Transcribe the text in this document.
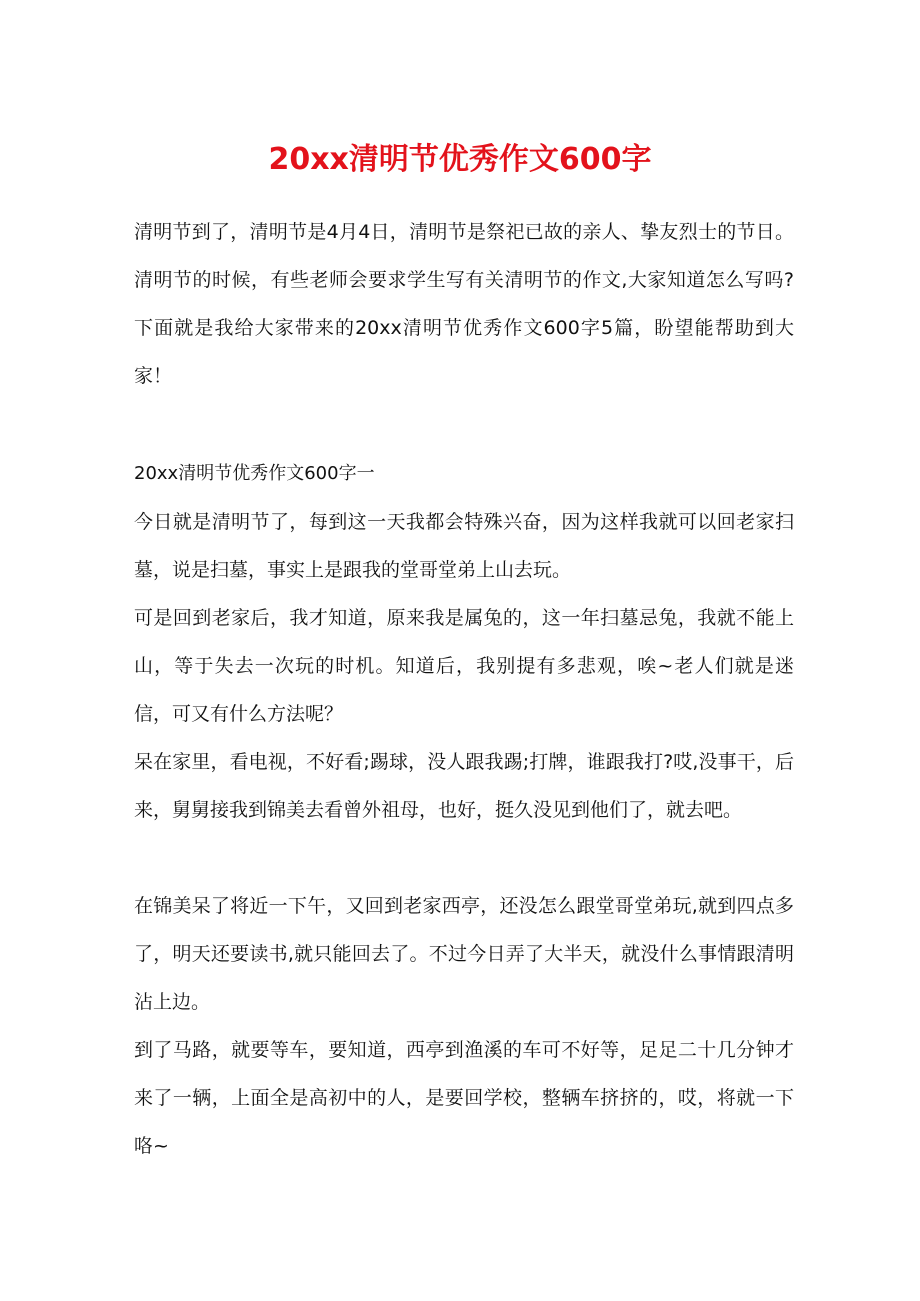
20xx清明节优秀作文600字
清明节到了，清明节是4月4日，清明节是祭祀已故的亲人、挚友烈士的节日。清明节的时候，有些老师会要求学生写有关清明节的作文,大家知道怎么写吗?下面就是我给大家带来的20xx清明节优秀作文600字5篇，盼望能帮助到大家！
20xx清明节优秀作文600字一
今日就是清明节了，每到这一天我都会特殊兴奋，因为这样我就可以回老家扫墓，说是扫墓，事实上是跟我的堂哥堂弟上山去玩。
可是回到老家后，我才知道，原来我是属兔的，这一年扫墓忌兔，我就不能上山，等于失去一次玩的时机。知道后，我别提有多悲观，唉~老人们就是迷信，可又有什么方法呢？
呆在家里，看电视，不好看;踢球，没人跟我踢;打牌，谁跟我打?哎,没事干，后来，舅舅接我到锦美去看曾外祖母，也好，挺久没见到他们了，就去吧。
在锦美呆了将近一下午，又回到老家西亭，还没怎么跟堂哥堂弟玩,就到四点多了，明天还要读书,就只能回去了。不过今日弄了大半天，就没什么事情跟清明沾上边。
到了马路，就要等车，要知道，西亭到渔溪的车可不好等，足足二十几分钟才来了一辆，上面全是高初中的人，是要回学校，整辆车挤挤的，哎，将就一下咯~
